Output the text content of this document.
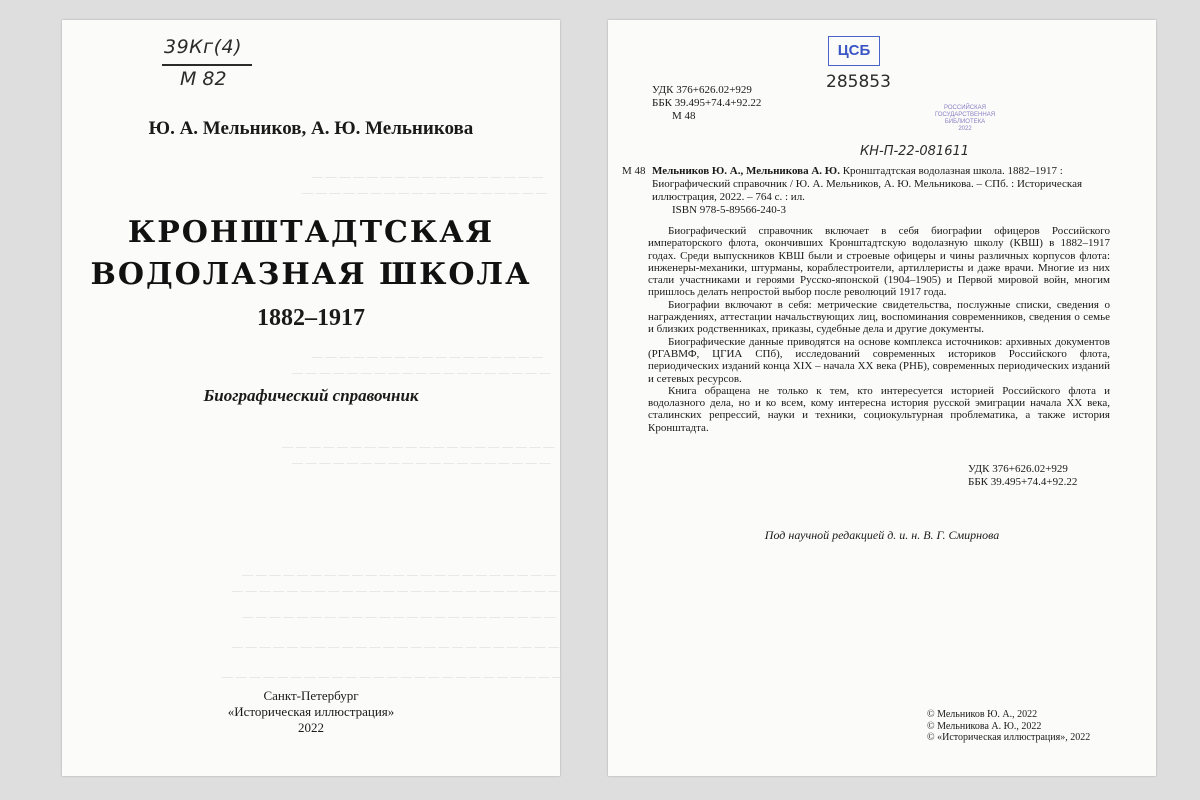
— — — — — — — — — — — — — — — — —
— — — — — — — — — — — — — — — — — —
— — — — — — — — — — — — — — — — —
— — — — — — — — — — — — — — — — — — —
— — — — — — — — — — — — — — — — — — — —
— — — — — — — — — — — — — — — — — — —
— — — — — — — — — — — — — — — — — — — — — — —
— — — — — — — — — — — — — — — — — — — — — — — —
— — — — — — — — — — — — — — — — — — — — — — —
— — — — — — — — — — — — — — — — — — — — — — — —
— — — — — — — — — — — — — — — — — — — — — — — — —
39Кг(4)
М 82
Ю. А. Мельников, А. Ю. Мельникова
КРОНШТАДТСКАЯ
ВОДОЛАЗНАЯ ШКОЛА
1882–1917
Биографический справочник
Санкт-Петербург
«Историческая иллюстрация»
2022
ЦСБ
285853
РОССИЙСКАЯ
ГОСУДАРСТВЕННАЯ
БИБЛИОТЕКА
2022
УДК 376+626.02+929
ББК 39.495+74.4+92.22
М 48
КН-П-22-081611
М 48 Мельников Ю. А., Мельникова А. Ю. Кронштадтская водолазная школа. 1882–1917 : Биографический справочник / Ю. А. Мельников, А. Ю. Мельникова. – СПб. : Историческая иллюстрация, 2022. – 764 с. : ил.
ISBN 978-5-89566-240-3

Биографический справочник включает в себя биографии офицеров Российского императорского флота, окончивших Кронштадтскую водолазную школу (КВШ) в 1882–1917 годах. Среди выпускников КВШ были и строевые офицеры и чины различных корпусов флота: инженеры-механики, штурманы, кораблестроители, артиллеристы и даже врачи. Многие из них стали участниками и героями Русско-японской (1904–1905) и Первой мировой войн, многим пришлось делать непростой выбор после революций 1917 года.

Биографии включают в себя: метрические свидетельства, послужные списки, сведения о награждениях, аттестации начальствующих лиц, воспоминания современников, сведения о семье и близких родственниках, приказы, судебные дела и другие документы.

Биографические данные приводятся на основе комплекса источников: архивных документов (РГАВМФ, ЦГИА СПб), исследований современных историков Российского флота, периодических изданий конца XIX – начала XX века (РНБ), современных периодических изданий и сетевых ресурсов.

Книга обращена не только к тем, кто интересуется историей Российского флота и водолазного дела, но и ко всем, кому интересна история русской эмиграции начала XX века, сталинских репрессий, науки и техники, социокультурная проблематика, а также история Кронштадта.

УДК 376+626.02+929
ББК 39.495+74.4+92.22
Под научной редакцией д. и. н. В. Г. Смирнова
© Мельников Ю. А., 2022
© Мельникова А. Ю., 2022
© «Историческая иллюстрация», 2022
